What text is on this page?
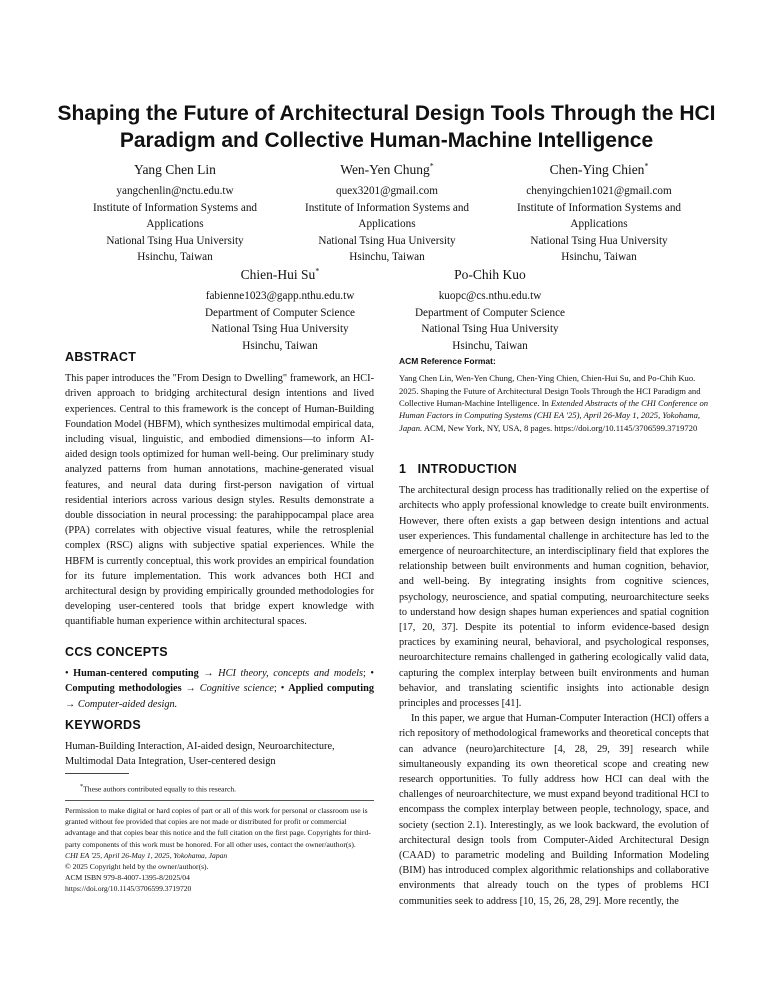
Shaping the Future of Architectural Design Tools Through the HCI Paradigm and Collective Human-Machine Intelligence
Yang Chen Lin
yangchenlin@nctu.edu.tw
Institute of Information Systems and
Applications
National Tsing Hua University
Hsinchu, Taiwan
Wen-Yen Chung*
quex3201@gmail.com
Institute of Information Systems and
Applications
National Tsing Hua University
Hsinchu, Taiwan
Chen-Ying Chien*
chenyingchien1021@gmail.com
Institute of Information Systems and
Applications
National Tsing Hua University
Hsinchu, Taiwan
Chien-Hui Su*
fabienne1023@gapp.nthu.edu.tw
Department of Computer Science
National Tsing Hua University
Hsinchu, Taiwan
Po-Chih Kuo
kuopc@cs.nthu.edu.tw
Department of Computer Science
National Tsing Hua University
Hsinchu, Taiwan
ABSTRACT

This paper introduces the "From Design to Dwelling" framework, an HCI-driven approach to bridging architectural design intentions and lived experiences. Central to this framework is the concept of Human-Building Foundation Model (HBFM), which synthesizes multimodal empirical data, including visual, linguistic, and embodied dimensions—to inform AI-aided design tools optimized for human well-being. Our preliminary study analyzed patterns from human annotations, machine-generated visual features, and neural data during first-person navigation of virtual residential interiors across various design styles. Results demonstrate a double dissociation in neural processing: the parahippocampal place area (PPA) correlates with objective visual features, while the retrosplenial complex (RSC) aligns with subjective spatial experiences. While the HBFM is currently conceptual, this work provides an empirical foundation for its future implementation. This work advances both HCI and architectural design by providing empirically grounded methodologies for developing user-centered tools that bridge expert knowledge with quantifiable human experience within architectural spaces.

CCS CONCEPTS

• Human-centered computing → HCI theory, concepts and models; • Computing methodologies → Cognitive science; • Applied computing → Computer-aided design.

KEYWORDS

Human-Building Interaction, AI-aided design, Neuroarchitecture, Multimodal Data Integration, User-centered design

*These authors contributed equally to this research.
Permission to make digital or hard copies of part or all of this work for personal or classroom use is granted without fee provided that copies are not made or distributed for profit or commercial advantage and that copies bear this notice and the full citation on the first page. Copyrights for third-party components of this work must be honored. For all other uses, contact the owner/author(s).
CHI EA '25, April 26-May 1, 2025, Yokohama, Japan
© 2025 Copyright held by the owner/author(s).
ACM ISBN 979-8-4007-1395-8/2025/04
https://doi.org/10.1145/3706599.3719720
ACM Reference Format:

Yang Chen Lin, Wen-Yen Chung, Chen-Ying Chien, Chien-Hui Su, and Po-Chih Kuo. 2025. Shaping the Future of Architectural Design Tools Through the HCI Paradigm and Collective Human-Machine Intelligence. In Extended Abstracts of the CHI Conference on Human Factors in Computing Systems (CHI EA '25), April 26-May 1, 2025, Yokohama, Japan. ACM, New York, NY, USA, 8 pages. https://doi.org/10.1145/3706599.3719720

1   INTRODUCTION

The architectural design process has traditionally relied on the expertise of architects who apply professional knowledge to create built environments. However, there often exists a gap between design intentions and actual user experiences. This fundamental challenge in architecture has led to the emergence of neuroarchitecture, an interdisciplinary field that explores the relationship between built environments and human cognition, behavior, and well-being. By integrating insights from cognitive sciences, psychology, neuroscience, and spatial computing, neuroarchitecture seeks to understand how design shapes human experiences and spatial cognition [17, 20, 37]. Despite its potential to inform evidence-based design practices by examining neural, behavioral, and psychological responses, neuroarchitecture remains challenged in gathering ecologically valid data, capturing the complex interplay between built environments and human behavior, and translating scientific insights into actionable design principles and processes [41].

In this paper, we argue that Human-Computer Interaction (HCI) offers a rich repository of methodological frameworks and theoretical concepts that can advance (neuro)architecture [4, 28, 29, 39] research while simultaneously expanding its own theoretical scope and creating new research opportunities. To fully address how HCI can deal with the challenges of neuroarchitecture, we must expand beyond traditional HCI to encompass the complex interplay between people, technology, space, and society (section 2.1). Interestingly, as we look backward, the evolution of architectural design tools from Computer-Aided Architectural Design (CAAD) to parametric modeling and Building Information Modeling (BIM) has introduced complex algorithmic relationships and collaborative environments that already touch on the types of problems HCI communities seek to address [10, 15, 26, 28, 29]. More recently, the
